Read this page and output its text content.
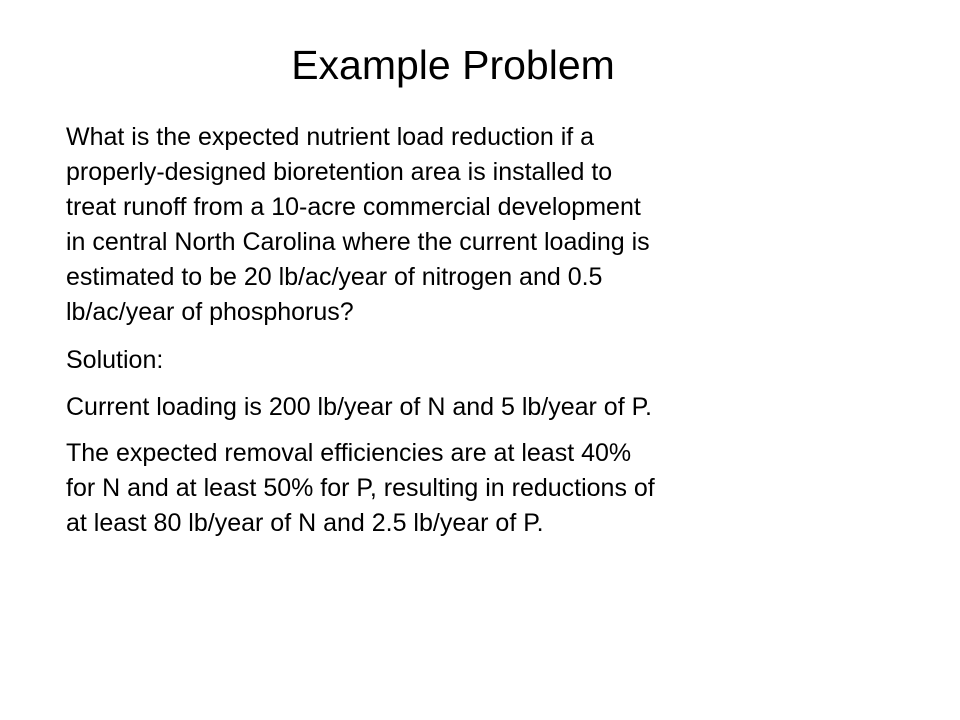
Example Problem
What is the expected nutrient load reduction if a
properly-designed bioretention area is installed to
treat runoff from a 10-acre commercial development
in central North Carolina where the current loading is
estimated to be 20 lb/ac/year of nitrogen and 0.5
lb/ac/year of phosphorus?
Solution:
Current loading is 200 lb/year of N and 5 lb/year of P.
The expected removal efficiencies are at least 40%
for N and at least 50% for P, resulting in reductions of
at least 80 lb/year of N and 2.5 lb/year of P.
